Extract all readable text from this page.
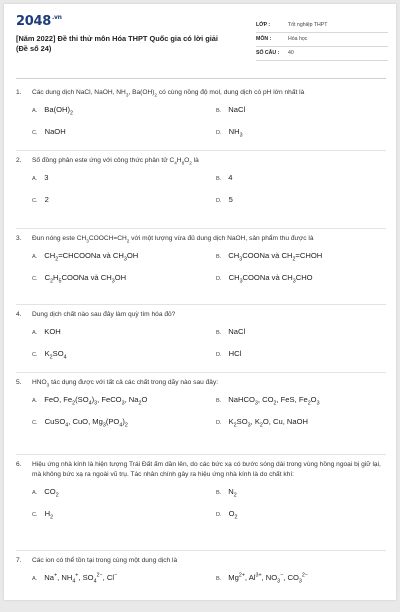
$2048^{.vn}$
[Năm 2022] Đề thi thử môn Hóa THPT Quốc gia có lời giải (Đề số 24)
LỚP :	Tốt nghiệp THPT
MÔN :	Hóa học
SỐ CÂU : 40
1. Các dung dịch NaCl, NaOH, $NH_3$, $Ba(OH)_2$ có cùng nồng độ mol, dung dịch có pH lớn nhất là
A. $Ba(OH)_2$	B. NaCl
C. NaOH	D. $NH_3$
2. Số đồng phân este ứng với công thức phân tử $C_4H_8O_2$ là
A. 3	B. 4
C. 2	D. 5
3. Đun nóng este $CH_3COOCH=CH_2$ với một lượng vừa đủ dung dịch NaOH, sản phẩm thu được là
A. $CH_2=CHCOONa$ và $CH_3OH$	B. $CH_3COONa$ và $CH_2=CHOH$
C. $C_2H_5COONa$ và $CH_3OH$	D. $CH_3COONa$ và $CH_3CHO$
4. Dung dịch chất nào sau đây làm quỳ tím hóa đỏ?
A. KOH	B. NaCl
C. $K_2SO_4$	D. HCl
5. $HNO_3$ tác dụng được với tất cả các chất trong dãy nào sau đây:
A. FeO, $Fe_2(SO_4)_3$, FeCO$_3$, $Na_2O$	B. NaHCO$_3$, $CO_2$, FeS, $Fe_2O_3$
C. CuSO$_4$, CuO, $Mg_3(PO_4)_2$	D. $K_2SO_3$, $K_2O$, Cu, NaOH
6. Hiệu ứng nhà kính là hiện tượng Trái Đất ấm dần lên, do các bức xạ có bước sóng dài trong vùng hồng ngoại bị giữ lại, mà không bức xạ ra ngoài vũ trụ. Tác nhân chính gây ra hiệu ứng nhà kính là do chất khí:
A. $CO_2$	B. $N_2$
C. $H_2$	D. $O_2$
7. Các ion có thể tồn tại trong cùng một dung dịch là
A. Na+, $NH_4^+$, $SO_4^{2-}$, Cl−
B. $Mg^{2+}$, $Al^{3+}$, $NO_3^-$, $CO_3^{2-}$
